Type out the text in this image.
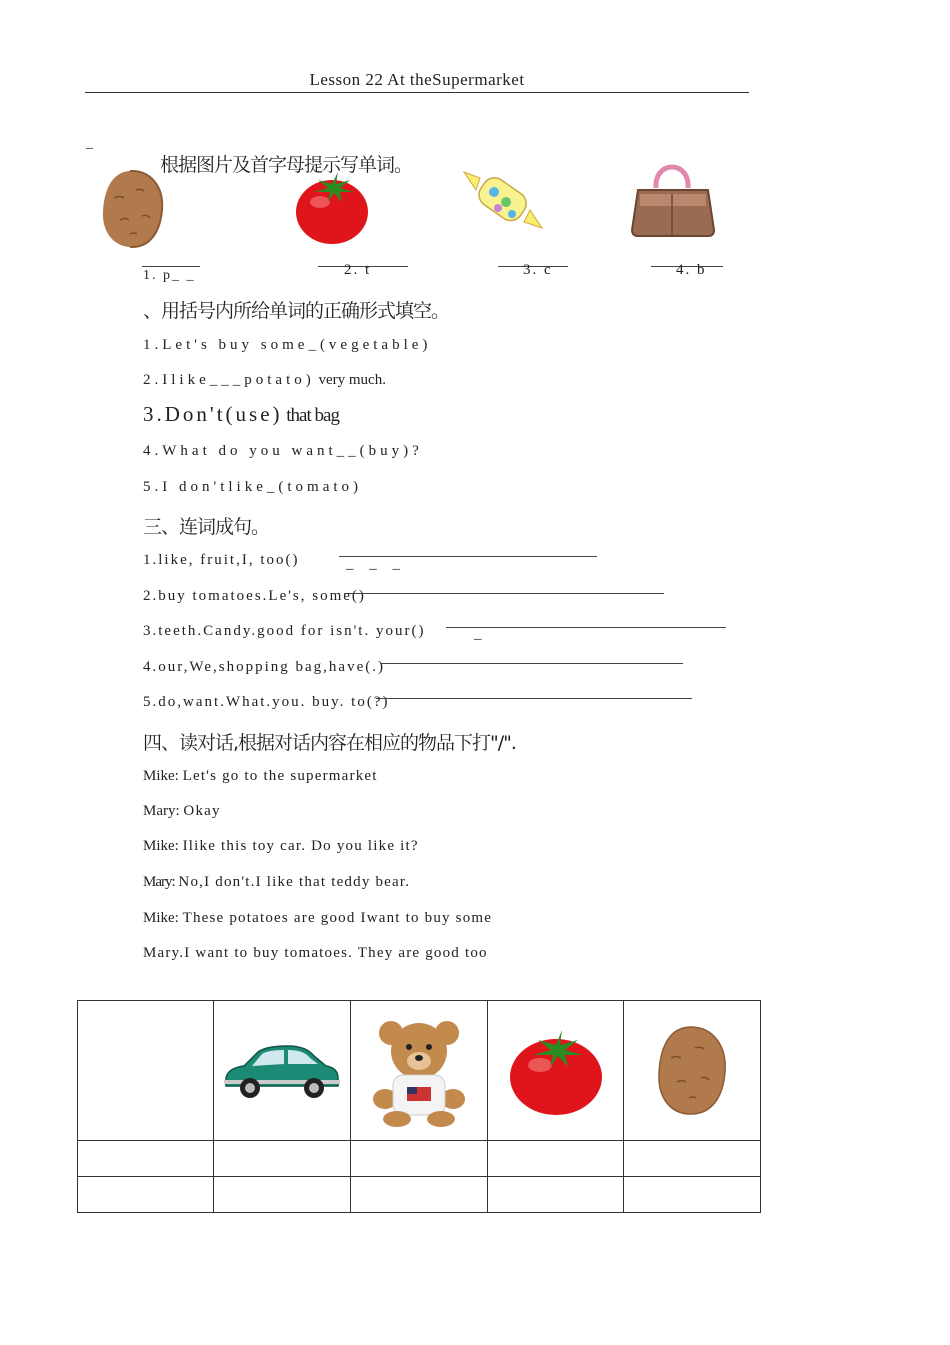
Lesson 22 At theSupermarket
_
根据图片及首字母提示写单词。
1. p_ _	2. t	3. c	4. b
、用括号内所给单词的正确形式填空。
1.Let's buy some_(vegetable)
2.Ilike___potato) very much.
3.Don't(use) that bag
4.What do you want__(buy)?
5.I don'tlike_(tomato)
三、连词成句。
1.like, fruit,I, too()	_ _ _
2.buy tomatoes.Le's, some()
3.teeth.Candy.good for isn't. your()	_
4.our,We,shopping bag,have(.)
5.do,want.What.you. buy. to(?)
四、读对话,根据对话内容在相应的物品下打"/".
Mike: Let's go to the supermarket
Mary: Okay
Mike: Ilike this toy car. Do you like it?
Mary: No,I don't.I like that teddy bear.
Mike: These potatoes are good Iwant to buy some
Mary.I want to buy tomatoes. They are good too
